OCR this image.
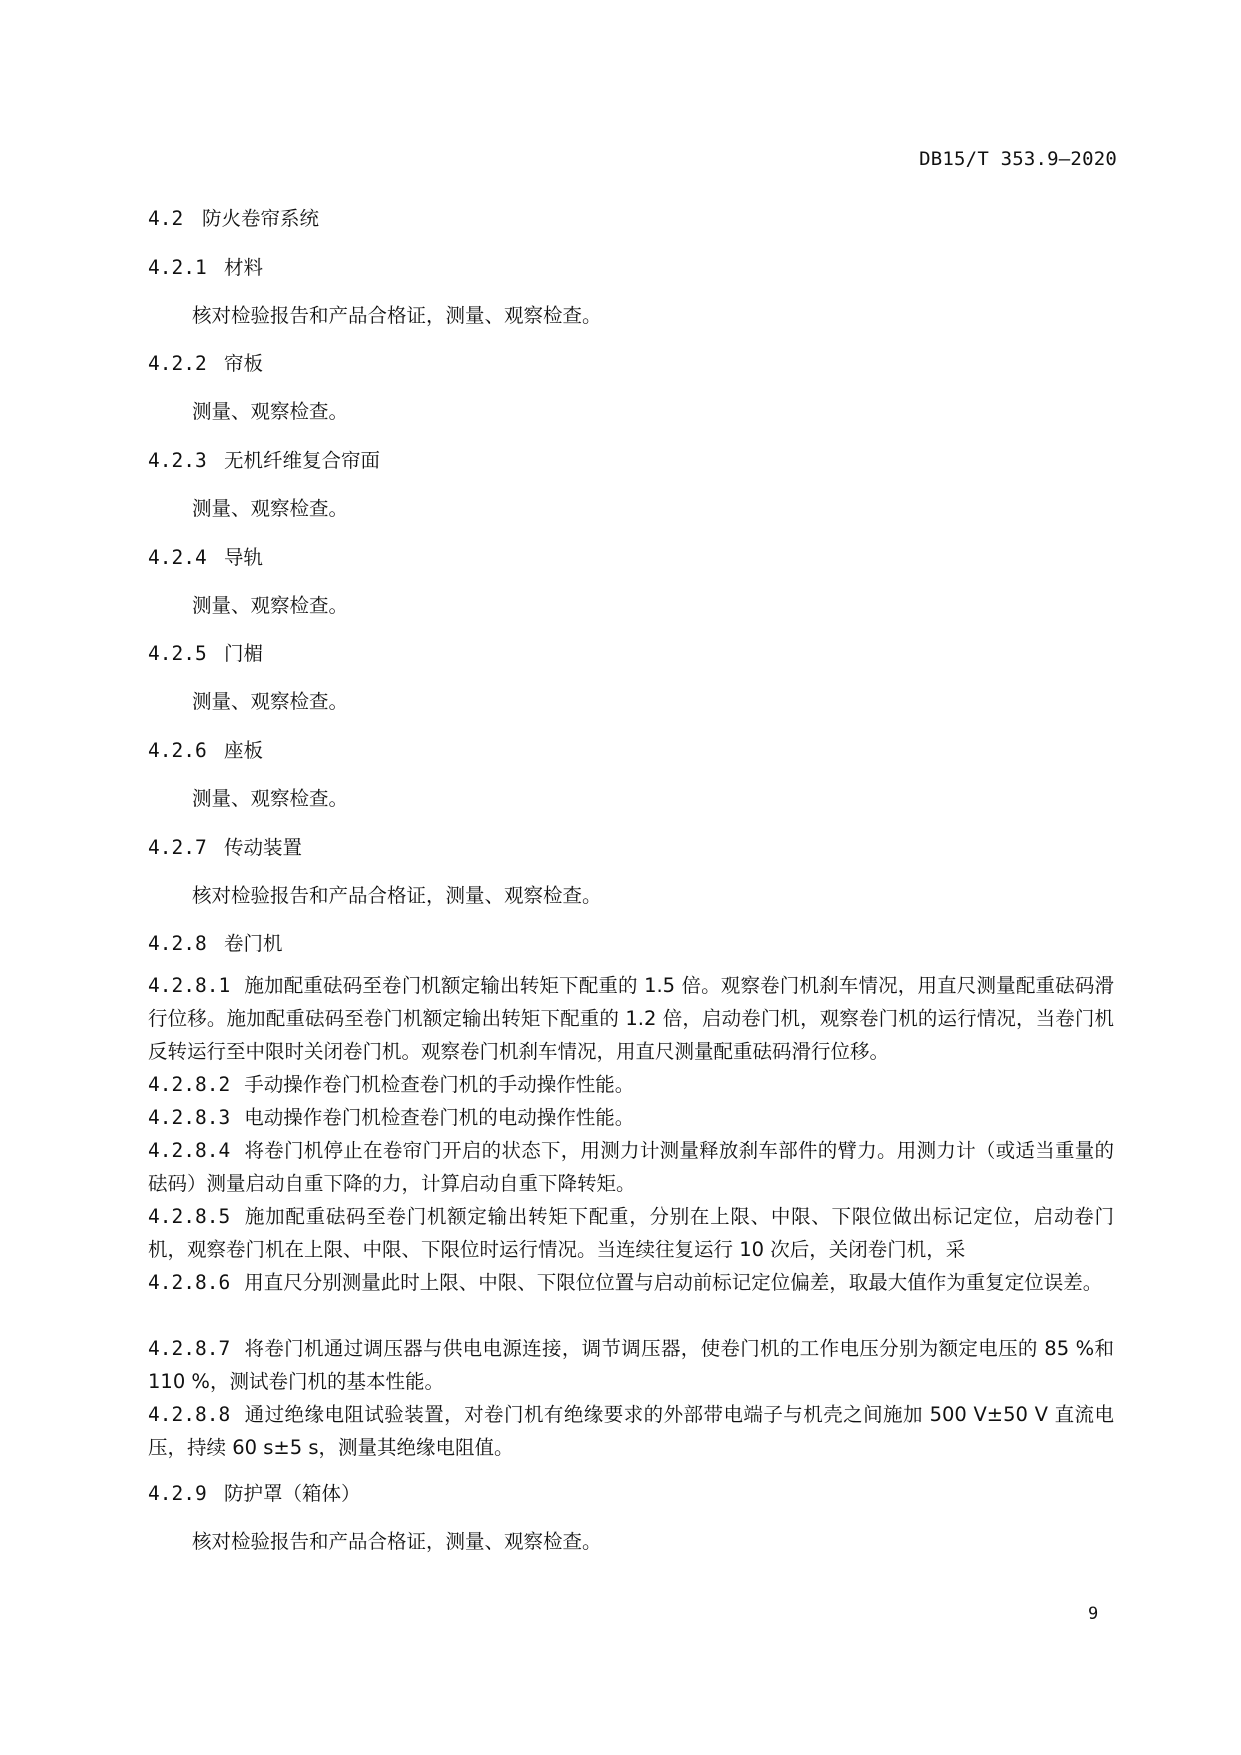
DB15/T 353.9—2020
4.2 防火卷帘系统
4.2.1 材料
核对检验报告和产品合格证，测量、观察检查。
4.2.2 帘板
测量、观察检查。
4.2.3 无机纤维复合帘面
测量、观察检查。
4.2.4 导轨
测量、观察检查。
4.2.5 门楣
测量、观察检查。
4.2.6 座板
测量、观察检查。
4.2.7 传动装置
核对检验报告和产品合格证，测量、观察检查。
4.2.8 卷门机
4.2.8.1 施加配重砝码至卷门机额定输出转矩下配重的 1.5 倍。观察卷门机刹车情况，用直尺测量配重砝码滑行位移。施加配重砝码至卷门机额定输出转矩下配重的 1.2 倍，启动卷门机，观察卷门机的运行情况，当卷门机反转运行至中限时关闭卷门机。观察卷门机刹车情况，用直尺测量配重砝码滑行位移。
4.2.8.2 手动操作卷门机检查卷门机的手动操作性能。
4.2.8.3 电动操作卷门机检查卷门机的电动操作性能。
4.2.8.4 将卷门机停止在卷帘门开启的状态下，用测力计测量释放刹车部件的臂力。用测力计（或适当重量的砝码）测量启动自重下降的力，计算启动自重下降转矩。
4.2.8.5 施加配重砝码至卷门机额定输出转矩下配重，分别在上限、中限、下限位做出标记定位，启动卷门机，观察卷门机在上限、中限、下限位时运行情况。当连续往复运行 10 次后，关闭卷门机，采
4.2.8.6 用直尺分别测量此时上限、中限、下限位位置与启动前标记定位偏差，取最大值作为重复定位误差。
4.2.8.7 将卷门机通过调压器与供电电源连接，调节调压器，使卷门机的工作电压分别为额定电压的 85 %和 110 %，测试卷门机的基本性能。
4.2.8.8 通过绝缘电阻试验装置，对卷门机有绝缘要求的外部带电端子与机壳之间施加 500 V±50 V 直流电压，持续 60 s±5 s，测量其绝缘电阻值。
4.2.9 防护罩（箱体）
核对检验报告和产品合格证，测量、观察检查。
9
